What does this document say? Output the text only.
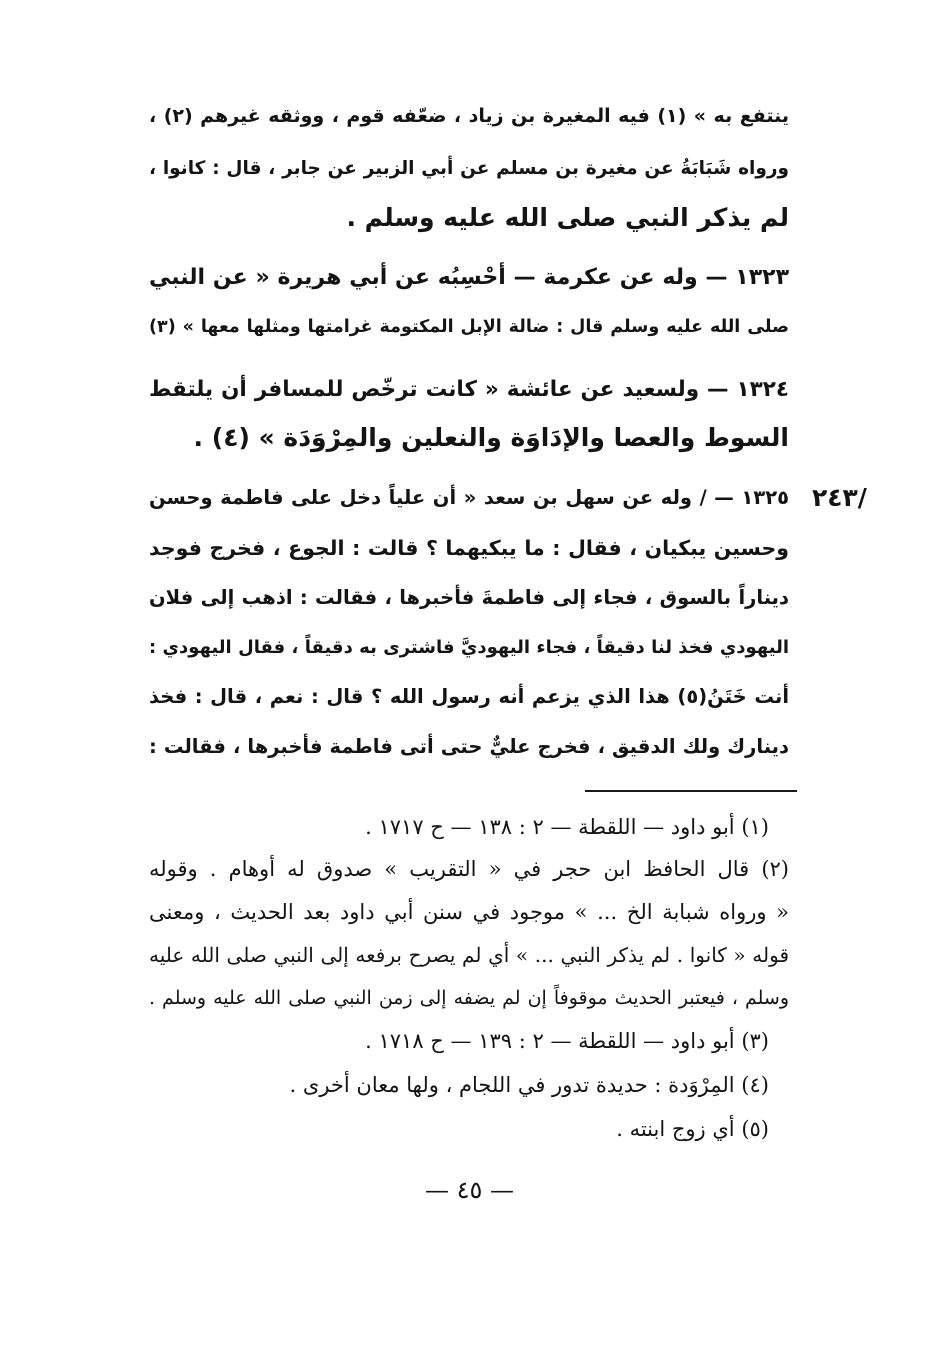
ينتفع به » (١) فيه المغيرة بن زياد ، ضعّفه قوم ، ووثقه غيرهم (٢) ،
ورواه شَبَابَةُ عن مغيرة بن مسلم عن أبي الزبير عن جابر ، قال : كانوا ،
لم يذكر النبي صلى الله عليه وسلم .
١٣٢٣ — وله عن عكرمة — أحْسِبُه عن أبي هريرة « عن النبي
صلى الله عليه وسلم قال : ضالة الإبل المكتومة غرامتها ومثلها معها » (٣)
١٣٢٤ — ولسعيد عن عائشة « كانت ترخّص للمسافر أن يلتقط
السوط والعصا والإدَاوَة والنعلين والمِرْوَدَة » (٤) .
٢٤٣/
١٣٢٥ — / وله عن سهل بن سعد « أن علياً دخل على فاطمة وحسن
وحسين يبكيان ، فقال : ما يبكيهما ؟ قالت : الجوع ، فخرج فوجد
ديناراً بالسوق ، فجاء إلى فاطمةَ فأخبرها ، فقالت : اذهب إلى فلان
اليهودي فخذ لنا دقيقاً ، فجاء اليهوديَّ فاشترى به دقيقاً ، فقال اليهودي :
أنت خَتَنُ(٥) هذا الذي يزعم أنه رسول الله ؟ قال : نعم ، قال : فخذ
دينارك ولك الدقيق ، فخرج عليٌّ حتى أتى فاطمة فأخبرها ، فقالت :
(١) أبو داود — اللقطة — ٢ : ١٣٨ — ح ١٧١٧ .
(٢) قال الحافظ ابن حجر في « التقريب » صدوق له أوهام . وقوله
« ورواه شبابة الخ ... » موجود في سنن أبي داود بعد الحديث ، ومعنى
قوله « كانوا . لم يذكر النبي ... » أي لم يصرح برفعه إلى النبي صلى الله عليه
وسلم ، فيعتبر الحديث موقوفاً إن لم يضفه إلى زمن النبي صلى الله عليه وسلم .
(٣) أبو داود — اللقطة — ٢ : ١٣٩ — ح ١٧١٨ .
(٤) المِرْوَدة : حديدة تدور في اللجام ، ولها معان أخرى .
(٥) أي زوج ابنته .
— ٤٥ —
